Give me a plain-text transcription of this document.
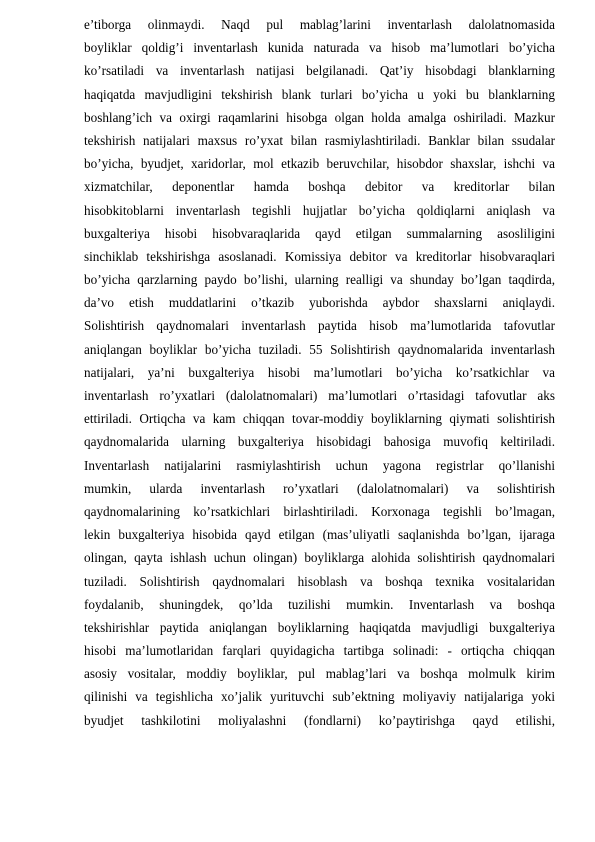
e’tiborga olinmaydi. Naqd pul mablag’larini inventarlash dalolatnomasida
boyliklar qoldig’i inventarlash kunida naturada va hisob ma’lumotlari bo’yicha
ko’rsatiladi va inventarlash natijasi belgilanadi. Qat’iy hisobdagi blanklarning
haqiqatda mavjudligini tekshirish blank turlari bo’yicha u yoki bu blanklarning
boshlang’ich va oxirgi raqamlarini hisobga olgan holda amalga oshiriladi. Mazkur
tekshirish natijalari maxsus ro’yxat bilan rasmiylashtiriladi. Banklar bilan ssudalar
bo’yicha, byudjet, xaridorlar, mol etkazib beruvchilar, hisobdor shaxslar, ishchi va
xizmatchilar, deponentlar hamda boshqa debitor va kreditorlar bilan
hisobkitoblarni inventarlash tegishli hujjatlar bo’yicha qoldiqlarni aniqlash va
buxgalteriya hisobi hisobvaraqlarida qayd etilgan summalarning asosliligini
sinchiklab tekshirishga asoslanadi. Komissiya debitor va kreditorlar hisobvaraqlari
bo’yicha qarzlarning paydo bo’lishi, ularning realligi va shunday bo’lgan taqdirda,
da’vo etish muddatlarini o’tkazib yuborishda aybdor shaxslarni aniqlaydi.
Solishtirish qaydnomalari inventarlash paytida hisob ma’lumotlarida tafovutlar
aniqlangan boyliklar bo’yicha tuziladi. 55 Solishtirish qaydnomalarida inventarlash
natijalari, ya’ni buxgalteriya hisobi ma’lumotlari bo’yicha ko’rsatkichlar va
inventarlash ro’yxatlari (dalolatnomalari) ma’lumotlari o’rtasidagi tafovutlar aks
ettiriladi. Ortiqcha va kam chiqqan tovar-moddiy boyliklarning qiymati solishtirish
qaydnomalarida ularning buxgalteriya hisobidagi bahosiga muvofiq keltiriladi.
Inventarlash natijalarini rasmiylashtirish uchun yagona registrlar qo’llanishi
mumkin, ularda inventarlash ro’yxatlari (dalolatnomalari) va solishtirish
qaydnomalarining ko’rsatkichlari birlashtiriladi. Korxonaga tegishli bo’lmagan,
lekin buxgalteriya hisobida qayd etilgan (mas’uliyatli saqlanishda bo’lgan, ijaraga
olingan, qayta ishlash uchun olingan) boyliklarga alohida solishtirish qaydnomalari
tuziladi. Solishtirish qaydnomalari hisoblash va boshqa texnika vositalaridan
foydalanib, shuningdek, qo’lda tuzilishi mumkin. Inventarlash va boshqa
tekshirishlar paytida aniqlangan boyliklarning haqiqatda mavjudligi buxgalteriya
hisobi ma’lumotlaridan farqlari quyidagicha tartibga solinadi: - ortiqcha chiqqan
asosiy vositalar, moddiy boyliklar, pul mablag’lari va boshqa molmulk kirim
qilinishi va tegishlicha xo’jalik yurituvchi sub’ektning moliyaviy natijalariga yoki
byudjet tashkilotini moliyalashni (fondlarni) ko’paytirishga qayd etilishi,
